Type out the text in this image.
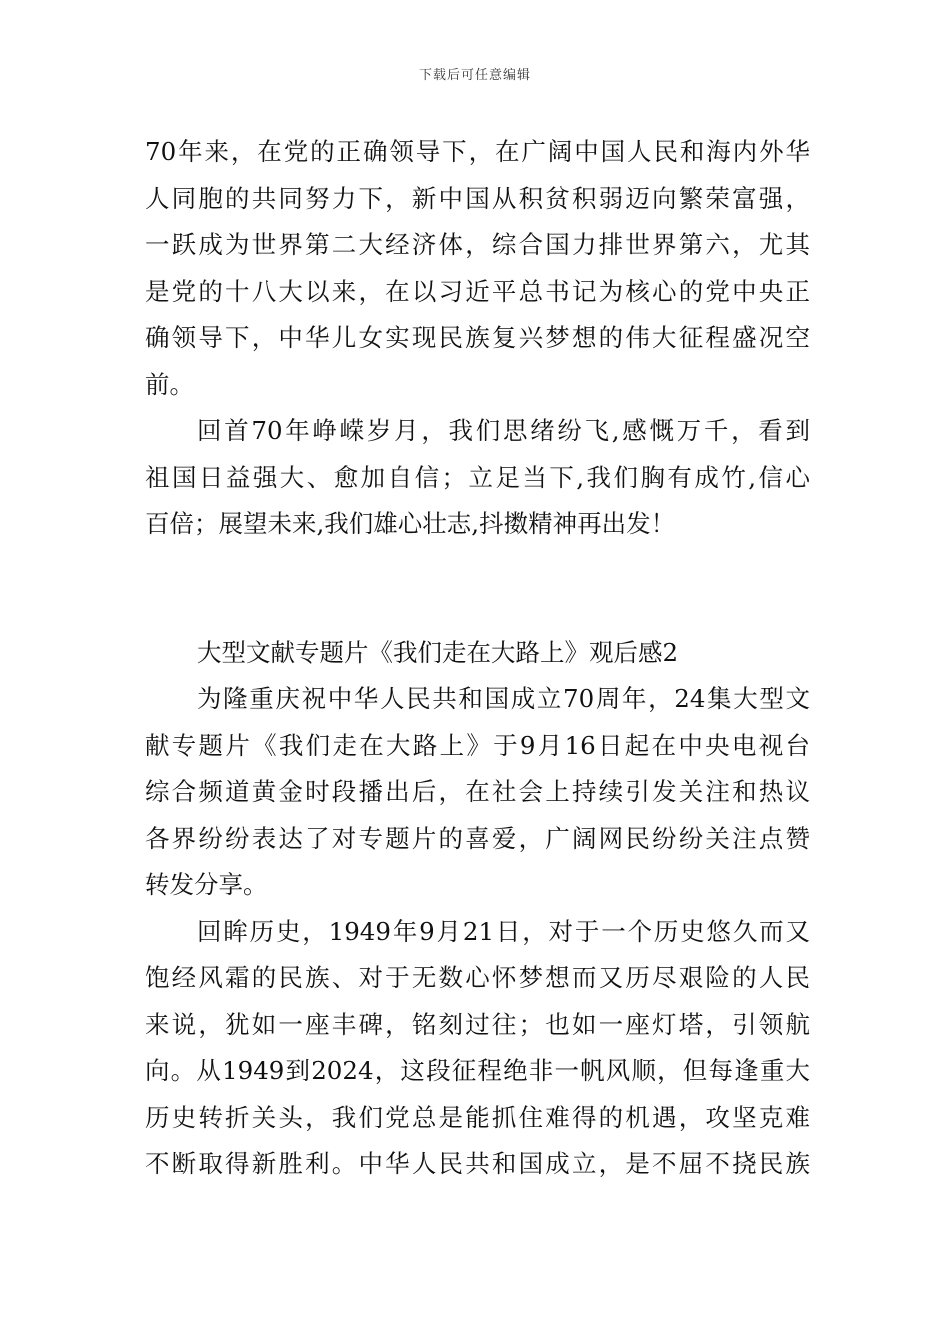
下载后可任意编辑
70年来，在党的正确领导下，在广阔中国人民和海内外华
人同胞的共同努力下，新中国从积贫积弱迈向繁荣富强，
一跃成为世界第二大经济体，综合国力排世界第六，尤其
是党的十八大以来，在以习近平总书记为核心的党中央正
确领导下，中华儿女实现民族复兴梦想的伟大征程盛况空
前。
回首70年峥嵘岁月，我们思绪纷飞,感慨万千，看到
祖国日益强大、愈加自信；立足当下,我们胸有成竹,信心
百倍；展望未来,我们雄心壮志,抖擞精神再出发！
大型文献专题片《我们走在大路上》观后感2
为隆重庆祝中华人民共和国成立70周年，24集大型文
献专题片《我们走在大路上》于9月16日起在中央电视台
综合频道黄金时段播出后，在社会上持续引发关注和热议
各界纷纷表达了对专题片的喜爱，广阔网民纷纷关注点赞
转发分享。
回眸历史，1949年9月21日，对于一个历史悠久而又
饱经风霜的民族、对于无数心怀梦想而又历尽艰险的人民
来说，犹如一座丰碑，铭刻过往；也如一座灯塔，引领航
向。从1949到2024，这段征程绝非一帆风顺，但每逢重大
历史转折关头，我们党总是能抓住难得的机遇，攻坚克难
不断取得新胜利。中华人民共和国成立，是不屈不挠民族
